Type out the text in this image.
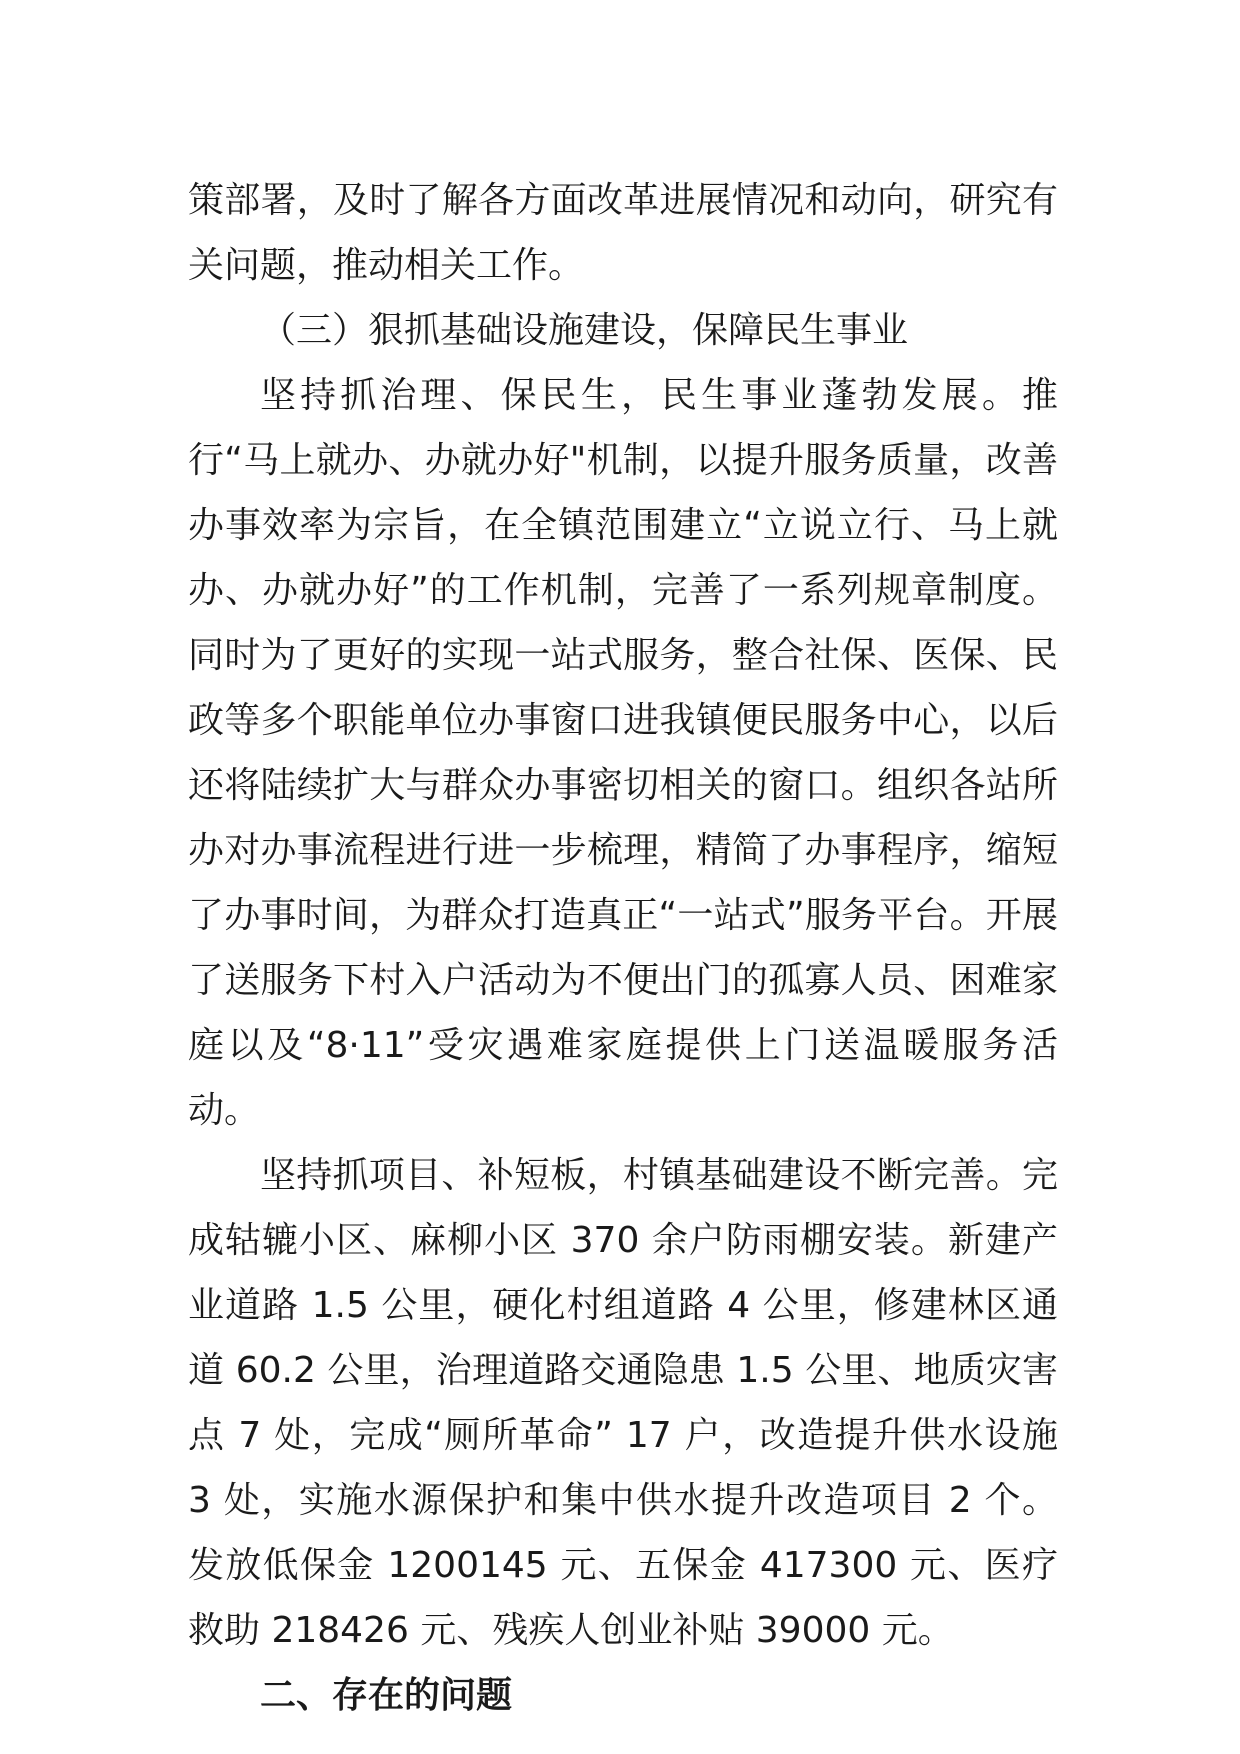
策部署，及时了解各方面改革进展情况和动向，研究有关问题，推动相关工作。

（三）狠抓基础设施建设，保障民生事业

坚持抓治理、保民生，民生事业蓬勃发展。推行“马上就办、办就办好"机制，以提升服务质量，改善办事效率为宗旨，在全镇范围建立“立说立行、马上就办、办就办好”的工作机制，完善了一系列规章制度。同时为了更好的实现一站式服务，整合社保、医保、民政等多个职能单位办事窗口进我镇便民服务中心，以后还将陆续扩大与群众办事密切相关的窗口。组织各站所办对办事流程进行进一步梳理，精简了办事程序，缩短了办事时间，为群众打造真正“一站式”服务平台。开展了送服务下村入户活动为不便出门的孤寡人员、困难家庭以及“8·11”受灾遇难家庭提供上门送温暖服务活动。

坚持抓项目、补短板，村镇基础建设不断完善。完成轱辘小区、麻柳小区 370 余户防雨棚安装。新建产业道路 1.5 公里，硬化村组道路 4 公里，修建林区通道 60.2 公里，治理道路交通隐患 1.5 公里、地质灾害点 7 处，完成“厕所革命” 17 户，改造提升供水设施 3 处，实施水源保护和集中供水提升改造项目 2 个。发放低保金 1200145 元、五保金 417300 元、医疗救助 218426 元、残疾人创业补贴 39000 元。

二、存在的问题
